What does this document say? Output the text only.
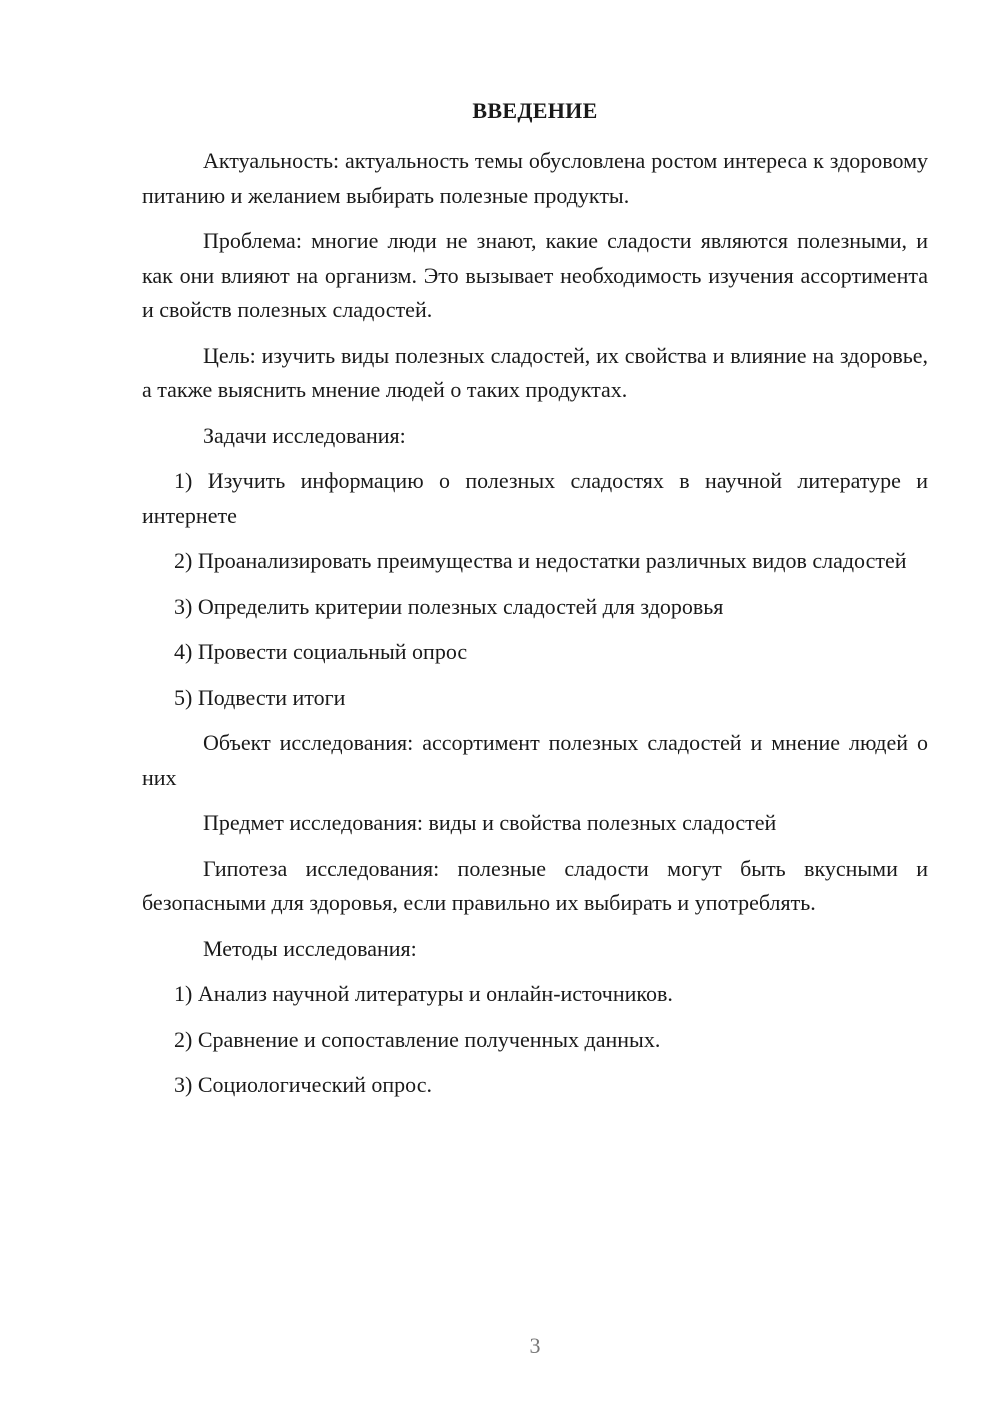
ВВЕДЕНИЕ

Актуальность: актуальность темы обусловлена ростом интереса к здоровому питанию и желанием выбирать полезные продукты.

Проблема: многие люди не знают, какие сладости являются полезными, и как они влияют на организм. Это вызывает необходимость изучения ассортимента и свойств полезных сладостей.

Цель: изучить виды полезных сладостей, их свойства и влияние на здоровье, а также выяснить мнение людей о таких продуктах.

Задачи исследования:

1) Изучить информацию о полезных сладостях в научной литературе и интернете

2) Проанализировать преимущества и недостатки различных видов сладостей

3) Определить критерии полезных сладостей для здоровья

4) Провести социальный опрос

5) Подвести итоги

Объект исследования: ассортимент полезных сладостей и мнение людей о них

Предмет исследования: виды и свойства полезных сладостей

Гипотеза исследования: полезные сладости могут быть вкусными и безопасными для здоровья, если правильно их выбирать и употреблять.

Методы исследования:

1) Анализ научной литературы и онлайн-источников.

2) Сравнение и сопоставление полученных данных.

3) Социологический опрос.

3
